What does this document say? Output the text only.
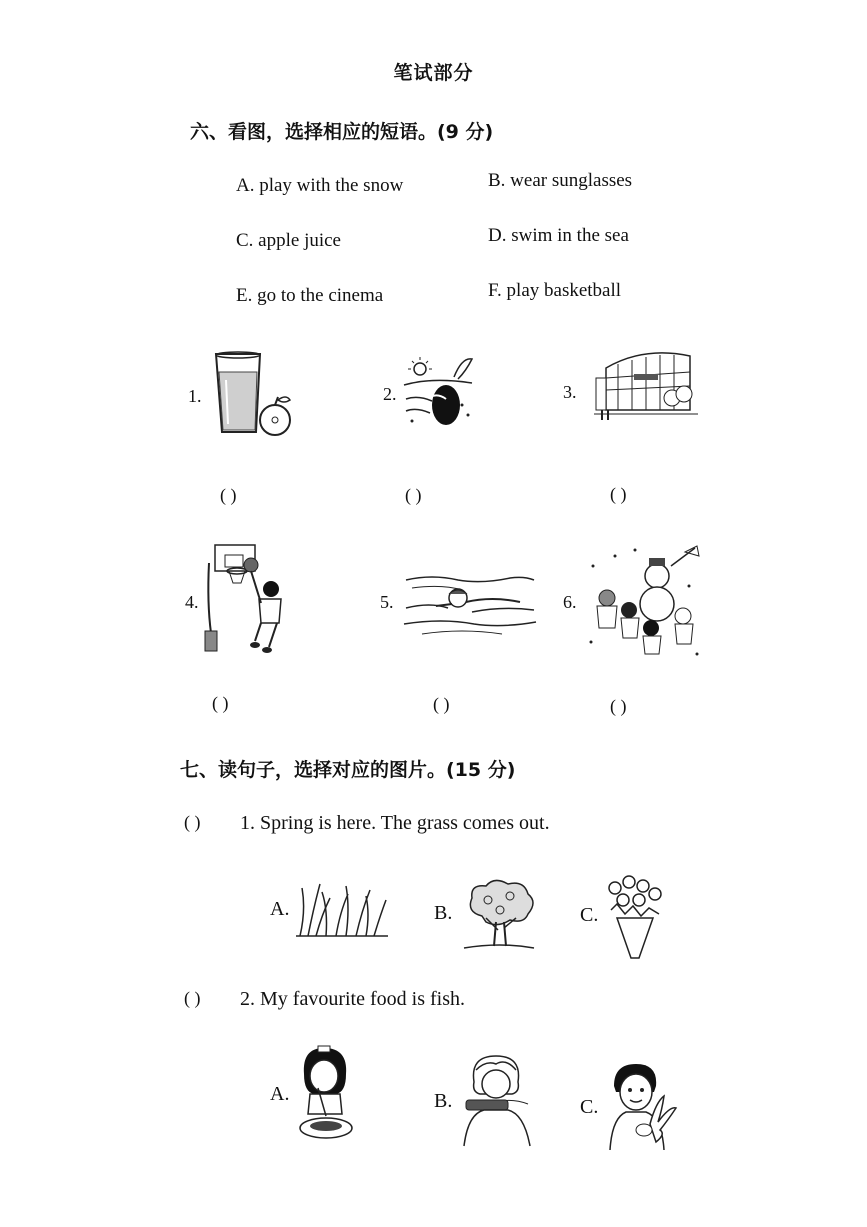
笔试部分
六、看图，选择相应的短语。(9 分)
A. play with the snow	B. wear sunglasses
C. apple juice	D. swim in the sea
E. go to the cinema	F. play basketball
1.
( )
2.
( )
3.
( )
4.
( )
5.
( )
6.
( )
七、读句子，选择对应的图片。(15 分)
( ) 1. Spring is here. The grass comes out.
A.	B.	C.
( ) 2. My favourite food is fish.
A.	B.	C.
